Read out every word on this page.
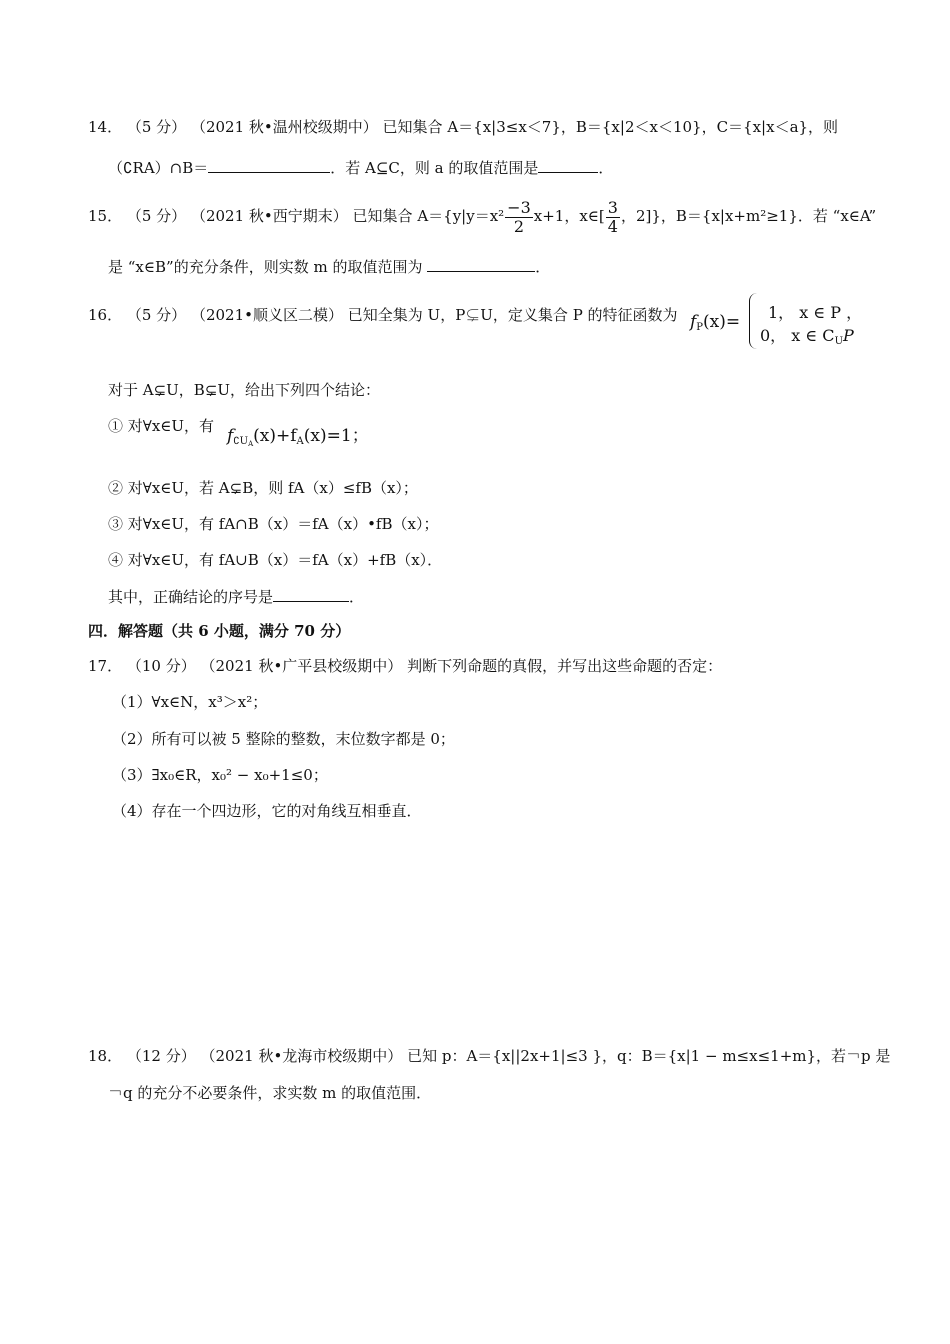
14． （5 分） （2021 秋•温州校级期中） 已知集合 A＝{x|3≤x＜7}，B＝{x|2＜x＜10}，C＝{x|x＜a}，则
（∁RA）∩B＝	．若 A⊆C，则 a 的取值范围是	．
15． （5 分） （2021 秋•西宁期末） 已知集合 $A=\{y|y=x^2 \frac{-3}{2} x+1$，x∈[ $\frac{3}{4}$ ，2]}，B＝{x|x+m²≥1}．若 “x∈A”
是 “x∈B”的充分条件，则实数 m 的取值范围为	．
16． （5 分） （2021•顺义区二模） 已知全集为 U，P⊊U，定义集合 P 的特征函数为 $f_P(x)= 1$， x ∈ P ，
0， x ∈ $C_UP$
对于 A⊊U，B⊊U，给出下列四个结论：
① 对∀x∈U，有 $f_{∁U_A}(x)+f_A(x)=1$；
② 对∀x∈U，若 A⊊B，则 fA（x）≤fB（x）；
③ 对∀x∈U，有 fA∩B（x）＝fA（x）•fB（x）；
④ 对∀x∈U，有 fA∪B（x）＝fA（x）+fB（x）．
其中，正确结论的序号是	．
四．解答题（共 6 小题，满分 70 分）
17． （10 分） （2021 秋•广平县校级期中） 判断下列命题的真假，并写出这些命题的否定：
（1）∀x∈N，x³＞x²；
（2）所有可以被 5 整除的整数，末位数字都是 0；
（3）∃x₀∈R，x₀² − x₀+1≤0；
（4）存在一个四边形，它的对角线互相垂直．
18． （12 分） （2021 秋•龙海市校级期中） 已知 p：A＝{x||2x+1|≤3 }，q：B＝{x|1 − m≤x≤1+m}，若￢p 是
￢q 的充分不必要条件，求实数 m 的取值范围．
